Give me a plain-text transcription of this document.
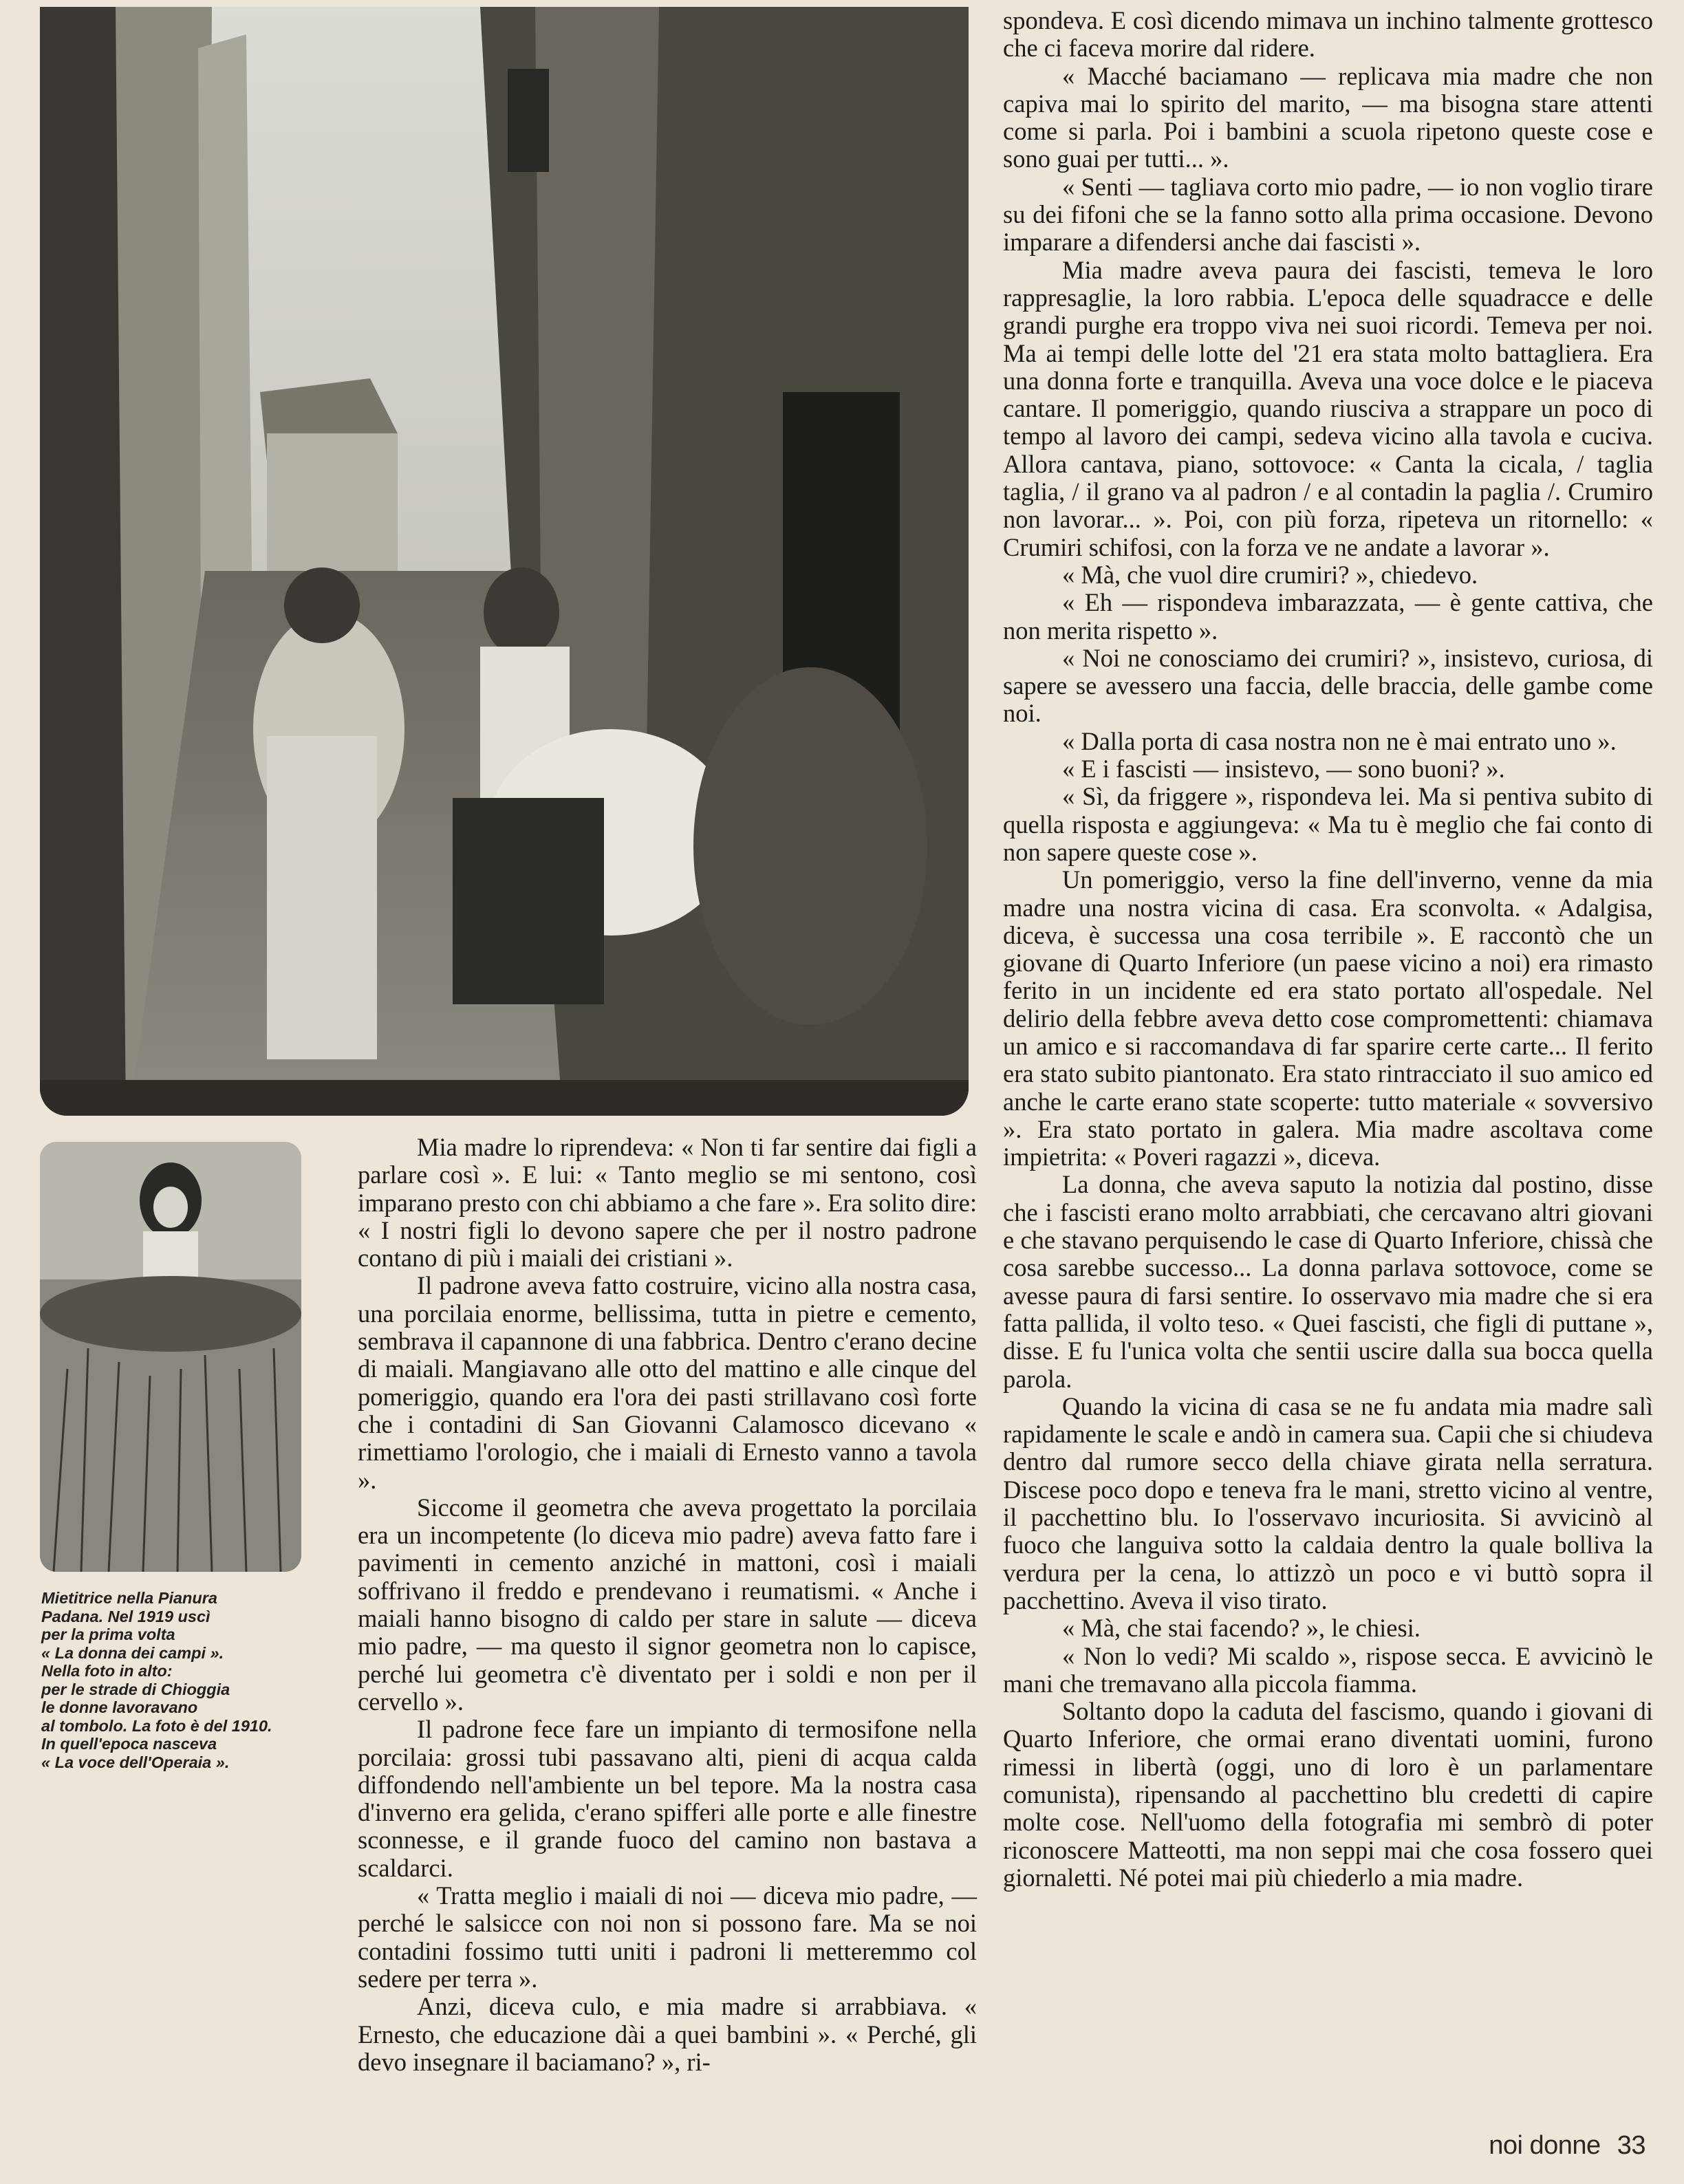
Mietitrice nella Pianura
Padana. Nel 1919 uscì
per la prima volta
« La donna dei campi ».
Nella foto in alto:
per le strade di Chioggia
le donne lavoravano
al tombolo. La foto è del 1910.
In quell'epoca nasceva
« La voce dell'Operaia ».

Mia madre lo riprendeva: « Non ti far sentire dai figli a parlare così ». E lui: « Tanto meglio se mi sentono, così imparano presto con chi abbiamo a che fare ». Era solito dire: « I nostri figli lo devono sapere che per il nostro padrone contano di più i maiali dei cristiani ».

Il padrone aveva fatto costruire, vicino alla nostra casa, una porcilaia enorme, bellissima, tutta in pietre e cemento, sembrava il capannone di una fabbrica. Dentro c'erano decine di maiali. Mangiavano alle otto del mattino e alle cinque del pomeriggio, quando era l'ora dei pasti strillavano così forte che i contadini di San Giovanni Calamosco dicevano « rimettiamo l'orologio, che i maiali di Ernesto vanno a tavola ».

Siccome il geometra che aveva progettato la porcilaia era un incompetente (lo diceva mio padre) aveva fatto fare i pavimenti in cemento anziché in mattoni, così i maiali soffrivano il freddo e prendevano i reumatismi. « Anche i maiali hanno bisogno di caldo per stare in salute — diceva mio padre, — ma questo il signor geometra non lo capisce, perché lui geometra c'è diventato per i soldi e non per il cervello ».

Il padrone fece fare un impianto di termosifone nella porcilaia: grossi tubi passavano alti, pieni di acqua calda diffondendo nell'ambiente un bel tepore. Ma la nostra casa d'inverno era gelida, c'erano spifferi alle porte e alle finestre sconnesse, e il grande fuoco del camino non bastava a scaldarci.

« Tratta meglio i maiali di noi — diceva mio padre, — perché le salsicce con noi non si possono fare. Ma se noi contadini fossimo tutti uniti i padroni li metteremmo col sedere per terra ».

Anzi, diceva culo, e mia madre si arrabbiava. « Ernesto, che educazione dài a quei bambini ». « Perché, gli devo insegnare il baciamano? », ri-

spondeva. E così dicendo mimava un inchino talmente grottesco che ci faceva morire dal ridere.

« Macché baciamano — replicava mia madre che non capiva mai lo spirito del marito, — ma bisogna stare attenti come si parla. Poi i bambini a scuola ripetono queste cose e sono guai per tutti... ».

« Senti — tagliava corto mio padre, — io non voglio tirare su dei fifoni che se la fanno sotto alla prima occasione. Devono imparare a difendersi anche dai fascisti ».

Mia madre aveva paura dei fascisti, temeva le loro rappresaglie, la loro rabbia. L'epoca delle squadracce e delle grandi purghe era troppo viva nei suoi ricordi. Temeva per noi. Ma ai tempi delle lotte del '21 era stata molto battagliera. Era una donna forte e tranquilla. Aveva una voce dolce e le piaceva cantare. Il pomeriggio, quando riusciva a strappare un poco di tempo al lavoro dei campi, sedeva vicino alla tavola e cuciva. Allora cantava, piano, sottovoce: « Canta la cicala, / taglia taglia, / il grano va al padron / e al contadin la paglia /. Crumiro non lavorar... ». Poi, con più forza, ripeteva un ritornello: « Crumiri schifosi, con la forza ve ne andate a lavorar ».

« Mà, che vuol dire crumiri? », chiedevo.

« Eh — rispondeva imbarazzata, — è gente cattiva, che non merita rispetto ».

« Noi ne conosciamo dei crumiri? », insistevo, curiosa, di sapere se avessero una faccia, delle braccia, delle gambe come noi.

« Dalla porta di casa nostra non ne è mai entrato uno ».

« E i fascisti — insistevo, — sono buoni? ».

« Sì, da friggere », rispondeva lei. Ma si pentiva subito di quella risposta e aggiungeva: « Ma tu è meglio che fai conto di non sapere queste cose ».

Un pomeriggio, verso la fine dell'inverno, venne da mia madre una nostra vicina di casa. Era sconvolta. « Adalgisa, diceva, è successa una cosa terribile ». E raccontò che un giovane di Quarto Inferiore (un paese vicino a noi) era rimasto ferito in un incidente ed era stato portato all'ospedale. Nel delirio della febbre aveva detto cose compromettenti: chiamava un amico e si raccomandava di far sparire certe carte... Il ferito era stato subito piantonato. Era stato rintracciato il suo amico ed anche le carte erano state scoperte: tutto materiale « sovversivo ». Era stato portato in galera. Mia madre ascoltava come impietrita: « Poveri ragazzi », diceva.

La donna, che aveva saputo la notizia dal postino, disse che i fascisti erano molto arrabbiati, che cercavano altri giovani e che stavano perquisendo le case di Quarto Inferiore, chissà che cosa sarebbe successo... La donna parlava sottovoce, come se avesse paura di farsi sentire. Io osservavo mia madre che si era fatta pallida, il volto teso. « Quei fascisti, che figli di puttane », disse. E fu l'unica volta che sentii uscire dalla sua bocca quella parola.

Quando la vicina di casa se ne fu andata mia madre salì rapidamente le scale e andò in camera sua. Capii che si chiudeva dentro dal rumore secco della chiave girata nella serratura. Discese poco dopo e teneva fra le mani, stretto vicino al ventre, il pacchettino blu. Io l'osservavo incuriosita. Si avvicinò al fuoco che languiva sotto la caldaia dentro la quale bolliva la verdura per la cena, lo attizzò un poco e vi buttò sopra il pacchettino. Aveva il viso tirato.

« Mà, che stai facendo? », le chiesi.

« Non lo vedi? Mi scaldo », rispose secca. E avvicinò le mani che tremavano alla piccola fiamma.

Soltanto dopo la caduta del fascismo, quando i giovani di Quarto Inferiore, che ormai erano diventati uomini, furono rimessi in libertà (oggi, uno di loro è un parlamentare comunista), ripensando al pacchettino blu credetti di capire molte cose. Nell'uomo della fotografia mi sembrò di poter riconoscere Matteotti, ma non seppi mai che cosa fossero quei giornaletti. Né potei mai più chiederlo a mia madre.

noi donne 33
